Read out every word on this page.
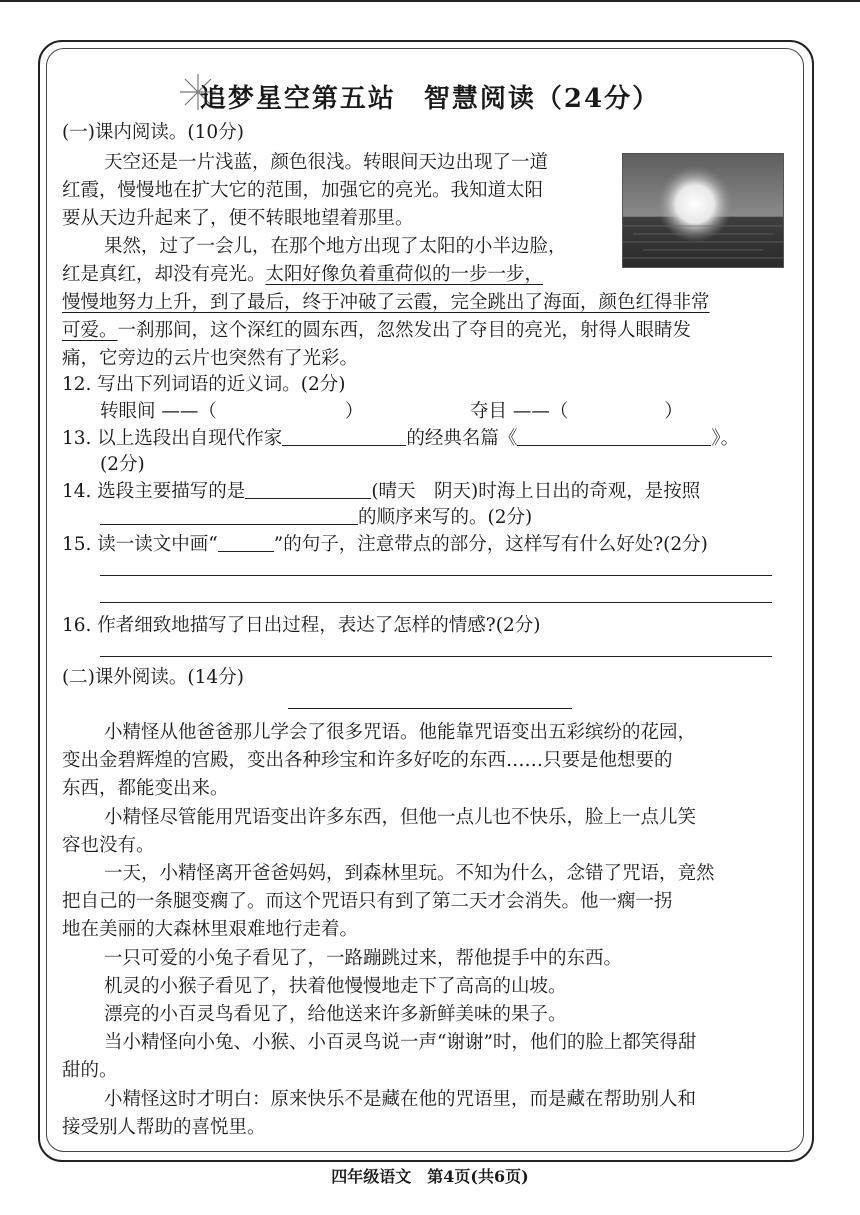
追梦星空第五站　智慧阅读（24分）
(一)课内阅读。(10分)
天空还是一片浅蓝，颜色很浅。转眼间天边出现了一道
红霞，慢慢地在扩大它的范围，加强它的亮光。我知道太阳
要从天边升起来了，便不转眼地望着那里。
果然，过了一会儿，在那个地方出现了太阳的小半边脸，
红是真红，却没有亮光。太阳好像负着重荷似的一步一步，
慢慢地努力上升，到了最后，终于冲破了云霞，完全跳出了海面，颜色红得非常
可爱。一刹那间，这个深红的圆东西，忽然发出了夺目的亮光，射得人眼睛发
痛，它旁边的云片也突然有了光彩。
12. 写出下列词语的近义词。(2分)
转眼间 ——（	）	夺目 ——（	）
13. 以上选段出自现代作家	的经典名篇《	》。
(2分)
14. 选段主要描写的是	(晴天　阴天)时海上日出的奇观，是按照
的顺序来写的。(2分)
15. 读一读文中画“	”的句子，注意带点的部分，这样写有什么好处?(2分)
16. 作者细致地描写了日出过程，表达了怎样的情感?(2分)
(二)课外阅读。(14分)
小精怪从他爸爸那儿学会了很多咒语。他能靠咒语变出五彩缤纷的花园，
变出金碧辉煌的宫殿，变出各种珍宝和许多好吃的东西……只要是他想要的
东西，都能变出来。
小精怪尽管能用咒语变出许多东西，但他一点儿也不快乐，脸上一点儿笑
容也没有。
一天，小精怪离开爸爸妈妈，到森林里玩。不知为什么，念错了咒语，竟然
把自己的一条腿变瘸了。而这个咒语只有到了第二天才会消失。他一瘸一拐
地在美丽的大森林里艰难地行走着。
一只可爱的小兔子看见了，一路蹦跳过来，帮他提手中的东西。
机灵的小猴子看见了，扶着他慢慢地走下了高高的山坡。
漂亮的小百灵鸟看见了，给他送来许多新鲜美味的果子。
当小精怪向小兔、小猴、小百灵鸟说一声“谢谢”时，他们的脸上都笑得甜
甜的。
小精怪这时才明白：原来快乐不是藏在他的咒语里，而是藏在帮助别人和
接受别人帮助的喜悦里。
四年级语文　第4页(共6页)
